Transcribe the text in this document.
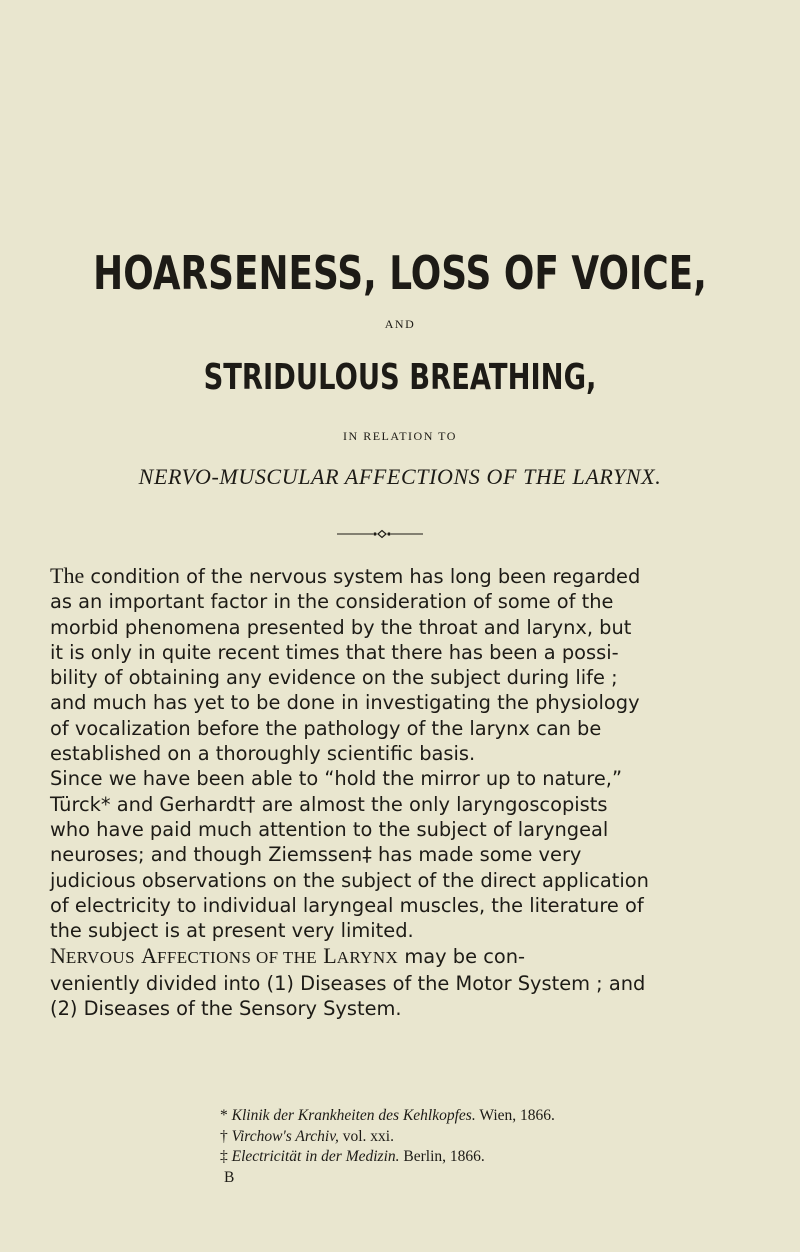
HOARSENESS, LOSS OF VOICE,
AND
STRIDULOUS BREATHING,
IN RELATION TO
NERVO-MUSCULAR AFFECTIONS OF THE LARYNX.
The condition of the nervous system has long been regarded
as an important factor in the consideration of some of the
morbid phenomena presented by the throat and larynx, but
it is only in quite recent times that there has been a possi-
bility of obtaining any evidence on the subject during life ;
and much has yet to be done in investigating the physiology
of vocalization before the pathology of the larynx can be
established on a thoroughly scientific basis.
Since we have been able to “hold the mirror up to nature,”
Türck* and Gerhardt† are almost the only laryngoscopists
who have paid much attention to the subject of laryngeal
neuroses; and though Ziemssen‡ has made some very
judicious observations on the subject of the direct application
of electricity to individual laryngeal muscles, the literature of
the subject is at present very limited.
NERVOUS AFFECTIONS OF THE LARYNX may be con-
veniently divided into (1) Diseases of the Motor System ; and
(2) Diseases of the Sensory System.
* Klinik der Krankheiten des Kehlkopfes. Wien, 1866.
† Virchow's Archiv, vol. xxi.
‡ Electricität in der Medizin. Berlin, 1866.
B
